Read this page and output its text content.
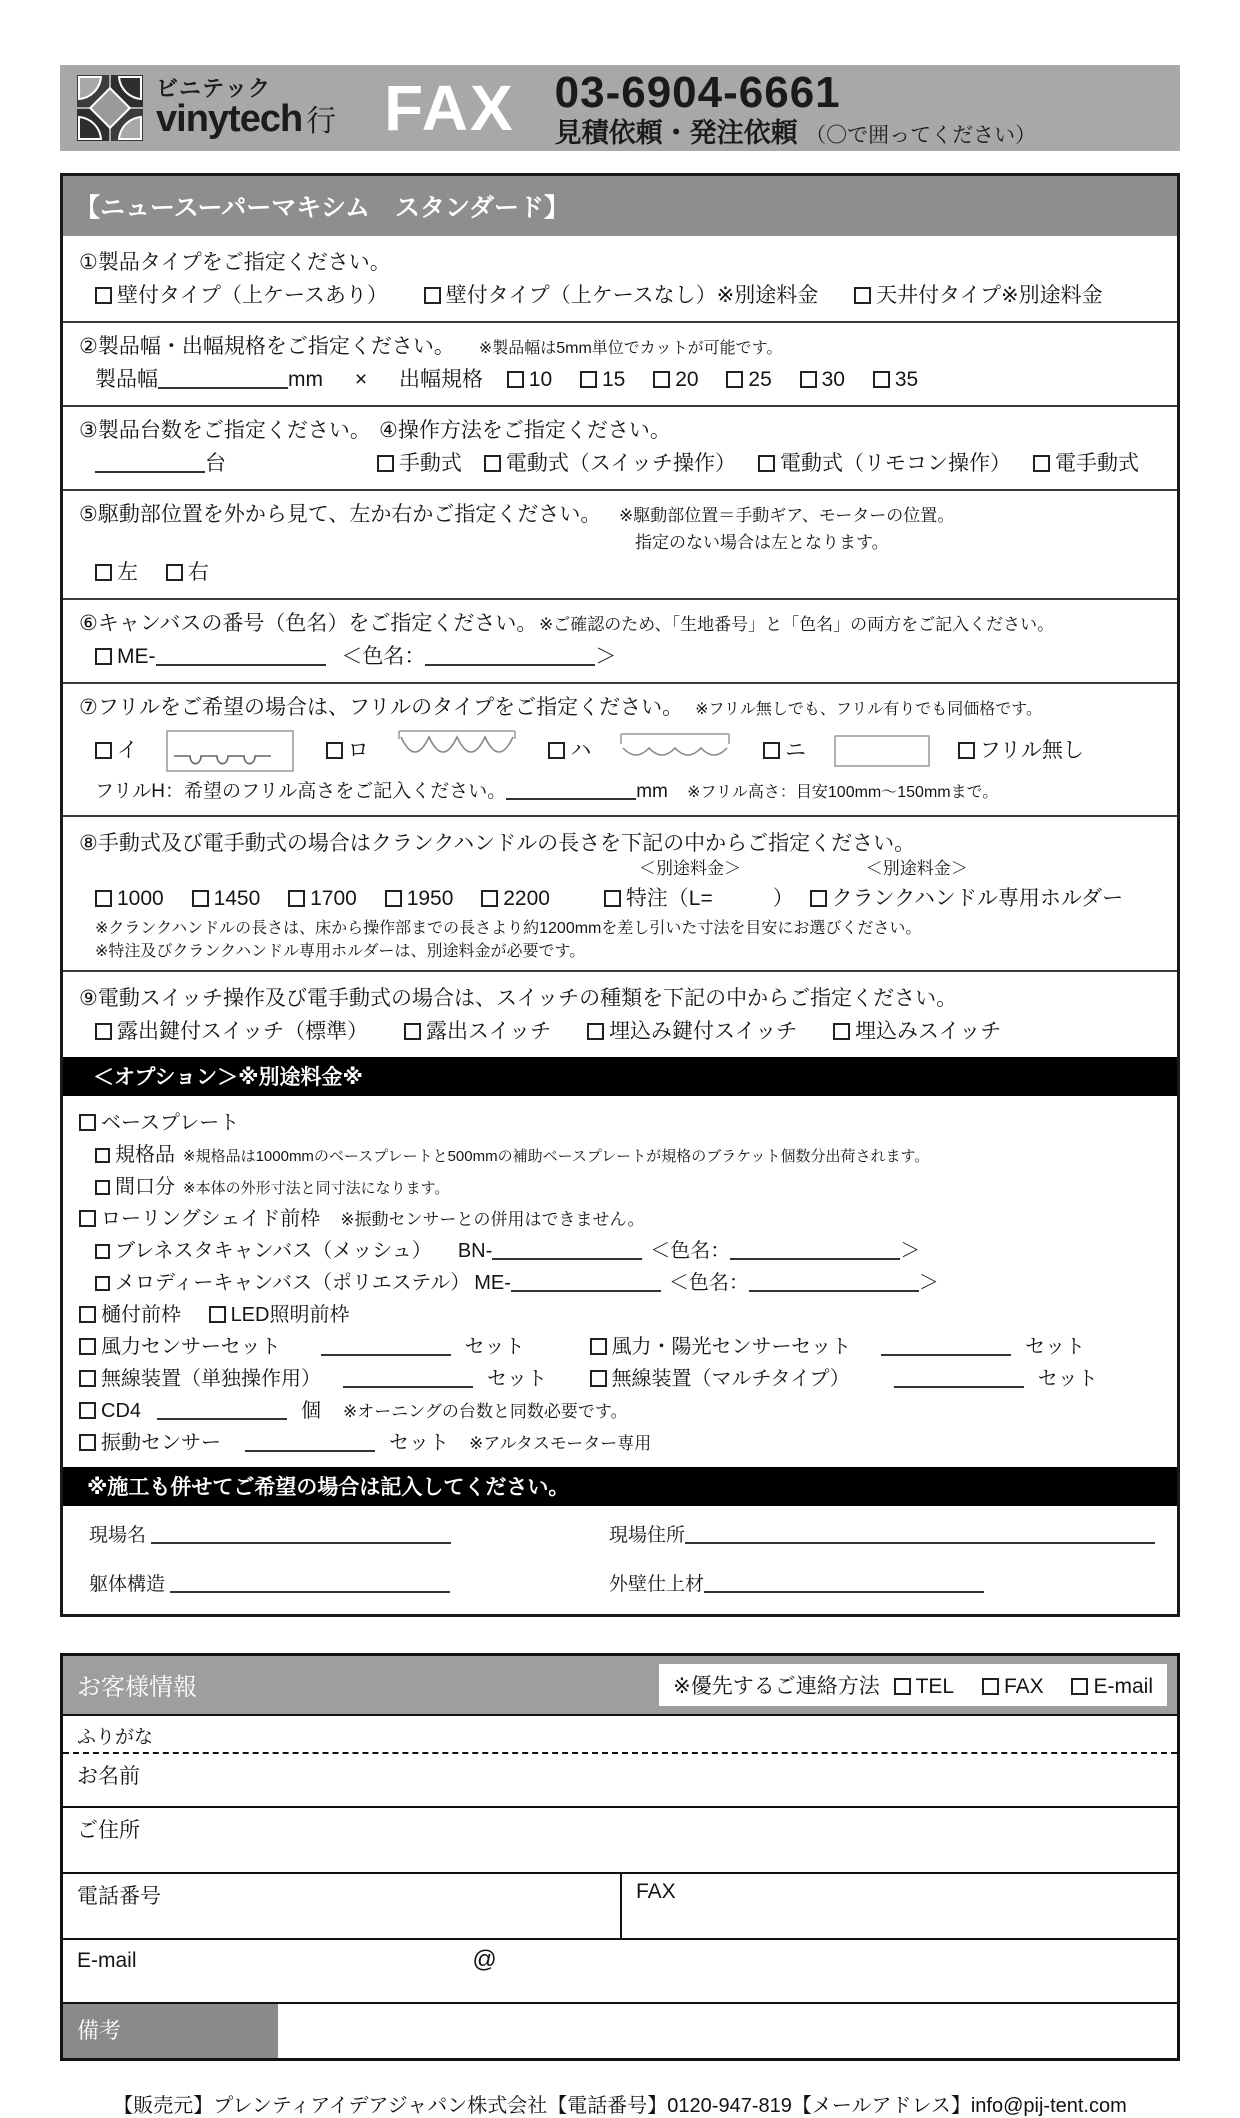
ビニテック
vinytech 行 FAX 03-6904-6661
見積依頼・発注依頼 （〇で囲ってください）
【ニュースーパーマキシム　スタンダード】
①製品タイプをご指定ください。
壁付タイプ（上ケースあり）	壁付タイプ（上ケースなし）※別途料金	天井付タイプ※別途料金
②製品幅・出幅規格をご指定ください。 ※製品幅は5mm単位でカットが可能です。
製品幅	mm × 出幅規格 10 15 20 25 30 35
③製品台数をご指定ください。 ④操作方法をご指定ください。
台	手動式	電動式（スイッチ操作）	電動式（リモコン操作）	電手動式
⑤駆動部位置を外から見て、左か右かご指定ください。	※駆動部位置＝手動ギア、モーターの位置。
指定のない場合は左となります。
左 右
⑥キャンバスの番号（色名）をご指定ください。 ※ご確認のため、「生地番号」と「色名」の両方をご記入ください。
ME-	＜色名：	＞
⑦フリルをご希望の場合は、フリルのタイプをご指定ください。 ※フリル無しでも、フリル有りでも同価格です。
イ	ロ	ハ	ニ	フリル無し
フリルH：希望のフリル高さをご記入ください。	mm ※フリル高さ：目安100mm〜150mmまで。
⑧手動式及び電手動式の場合はクランクハンドルの長さを下記の中からご指定ください。
＜別途料金＞	＜別途料金＞
1000 1450 1700 1950 2200	特注（L=	） クランクハンドル専用ホルダー
※クランクハンドルの長さは、床から操作部までの長さより約1200mmを差し引いた寸法を目安にお選びください。
※特注及びクランクハンドル専用ホルダーは、別途料金が必要です。
⑨電動スイッチ操作及び電手動式の場合は、スイッチの種類を下記の中からご指定ください。
露出鍵付スイッチ（標準）	露出スイッチ	埋込み鍵付スイッチ	埋込みスイッチ
＜オプション＞※別途料金※
ベースプレート
規格品 ※規格品は1000mmのベースプレートと500mmの補助ベースプレートが規格のブラケット個数分出荷されます。
間口分 ※本体の外形寸法と同寸法になります。
ローリングシェイド前枠 ※振動センサーとの併用はできません。
ブレネスタキャンバス（メッシュ） BN-	＜色名：	＞
メロディーキャンバス（ポリエステル） ME-	＜色名：	＞
樋付前枠 LED照明前枠
風力センサーセット	セット	風力・陽光センサーセット	セット
無線装置（単独操作用）	セット	無線装置（マルチタイプ）	セット
CD4	個 ※オーニングの台数と同数必要です。
振動センサー	セット ※アルタスモーター専用
※施工も併せてご希望の場合は記入してください。
現場名	現場住所
躯体構造	外壁仕上材
お客様情報	※優先するご連絡方法 TEL FAX E-mail
ふりがな
お名前
ご住所
電話番号	FAX
E-mail	@
備考
【販売元】プレンティアイデアジャパン株式会社【電話番号】0120-947-819【メールアドレス】info@pij-tent.com
